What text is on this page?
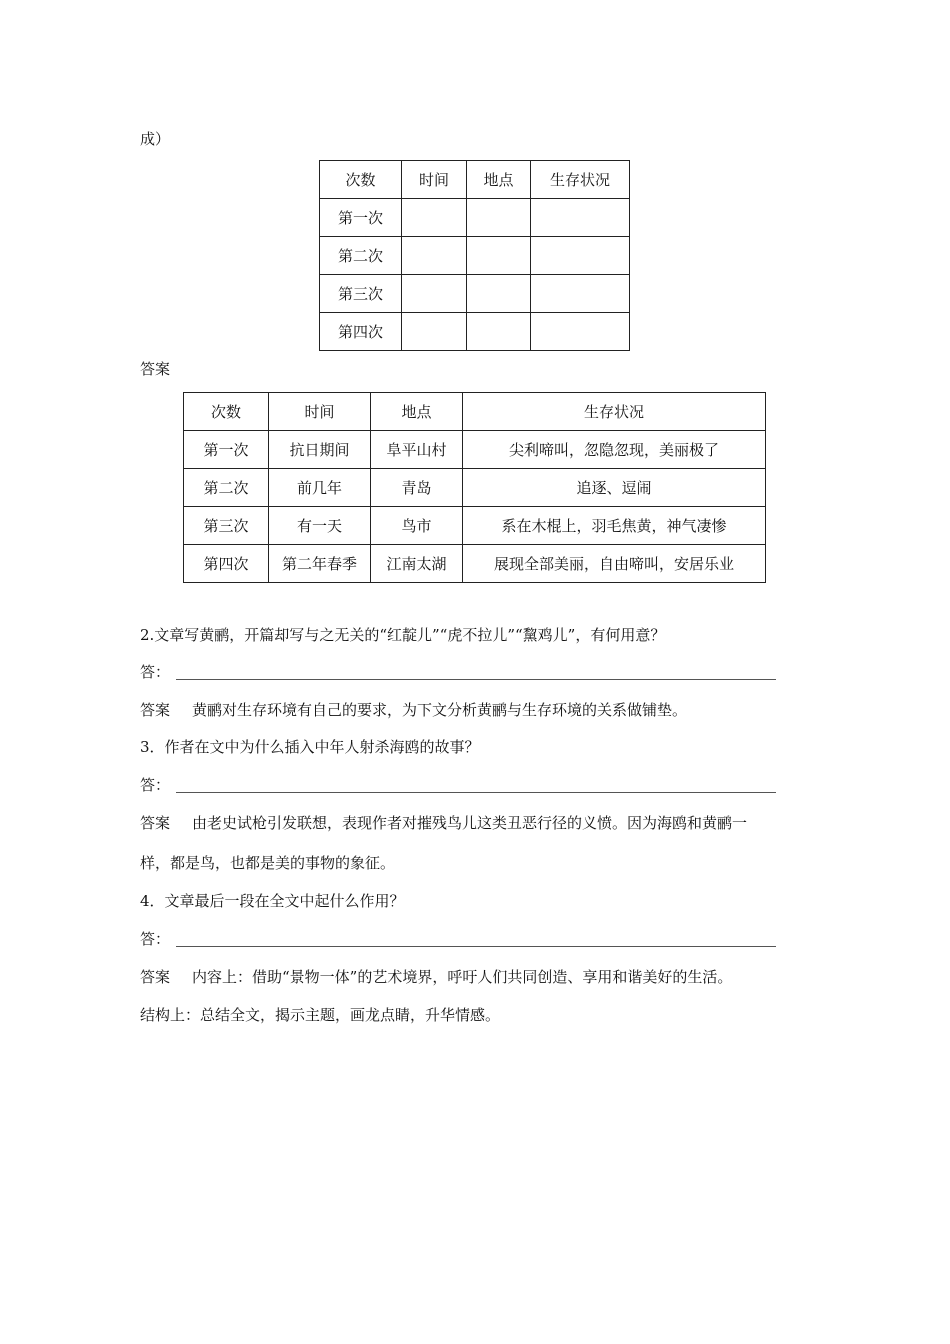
成）
次数	时间	地点	生存状况
第一次			
第二次			
第三次			
第四次			
答案
次数	时间	地点	生存状况
第一次	抗日期间	阜平山村	尖利啼叫，忽隐忽现，美丽极了
第二次	前几年	青岛	追逐、逗闹
第三次	有一天	鸟市	系在木棍上，羽毛焦黄，神气凄惨
第四次	第二年春季	江南太湖	展现全部美丽，自由啼叫，安居乐业
2.文章写黄鹂，开篇却写与之无关的“红靛儿”“虎不拉儿”“黧鸡儿”，有何用意？
答：
答案 黄鹂对生存环境有自己的要求，为下文分析黄鹂与生存环境的关系做铺垫。
3．作者在文中为什么插入中年人射杀海鸥的故事？
答：
答案 由老史试枪引发联想，表现作者对摧残鸟儿这类丑恶行径的义愤。因为海鸥和黄鹂一
样，都是鸟，也都是美的事物的象征。
4．文章最后一段在全文中起什么作用？
答：
答案 内容上：借助“景物一体”的艺术境界，呼吁人们共同创造、享用和谐美好的生活。
结构上：总结全文，揭示主题，画龙点睛，升华情感。
